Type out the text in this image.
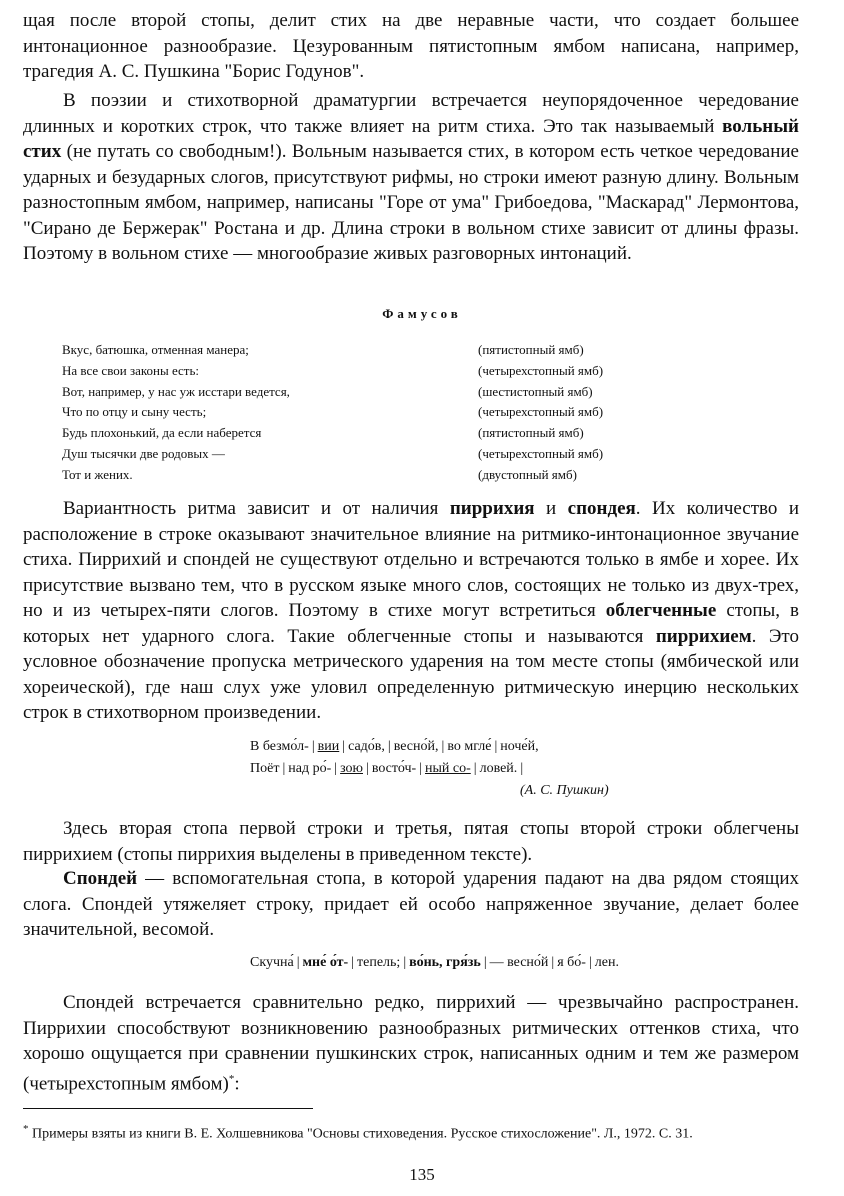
щая после второй стопы, делит стих на две неравные части, что создает большее интонационное разнообразие. Цезурованным пятистопным ямбом написана, например, трагедия А. С. Пушкина "Борис Годунов".

В поэзии и стихотворной драматургии встречается неупорядоченное чередование длинных и коротких строк, что также влияет на ритм стиха. Это так называемый вольный стих (не путать со свободным!). Вольным называется стих, в котором есть четкое чередование ударных и безударных слогов, присутствуют рифмы, но строки имеют разную длину. Вольным разностопным ямбом, например, написаны "Горе от ума" Грибоедова, "Маскарад" Лермонтова, "Сирано де Бержерак" Ростана и др. Длина строки в вольном стихе зависит от длины фразы. Поэтому в вольном стихе — многообразие живых разговорных интонаций.

Фамусов
Вкус, батюшка, отменная манера;
На все свои законы есть:
Вот, например, у нас уж исстари ведется,
Что по отцу и сыну честь;
Будь плохонький, да если наберется
Душ тысячки две родовых —
Тот и жених.
(пятистопный ямб)
(четырехстопный ямб)
(шестистопный ямб)
(четырехстопный ямб)
(пятистопный ямб)
(четырехстопный ямб)
(двустопный ямб)

Вариантность ритма зависит и от наличия пиррихия и спондея. Их количество и расположение в строке оказывают значительное влияние на ритмико-интонационное звучание стиха. Пиррихий и спондей не существуют отдельно и встречаются только в ямбе и хорее. Их присутствие вызвано тем, что в русском языке много слов, состоящих не только из двух-трех, но и из четырех-пяти слогов. Поэтому в стихе могут встретиться облегченные стопы, в которых нет ударного слога. Такие облегченные стопы и называются пиррихием. Это условное обозначение пропуска метрического ударения на том месте стопы (ямбической или хореической), где наш слух уже уловил определенную ритмическую инерцию нескольких строк в стихотворном произведении.

В безмо́л- | вии | садо́в, | весно́й, | во мгле́ | ноче́й,
Поёт | над ро́- | зою | восто́ч- | ный со- | ловей. |
(А. С. Пушкин)

Здесь вторая стопа первой строки и третья, пятая стопы второй строки облегчены пиррихием (стопы пиррихия выделены в приведенном тексте).

Спондей — вспомогательная стопа, в которой ударения падают на два рядом стоящих слога. Спондей утяжеляет строку, придает ей особо напряженное звучание, делает более значительной, весомой.

Скучна́ | мне́ о́т- | тепель; | во́нь, гря́зь | — весно́й | я бо́- | лен.

Спондей встречается сравнительно редко, пиррихий — чрезвычайно распространен. Пиррихии способствуют возникновению разнообразных ритмических оттенков стиха, что хорошо ощущается при сравнении пушкинских строк, написанных одним и тем же размером (четырехстопным ямбом)*:

* Примеры взяты из книги В. Е. Холшевникова "Основы стиховедения. Русское стихосложение". Л., 1972. С. 31.
135
